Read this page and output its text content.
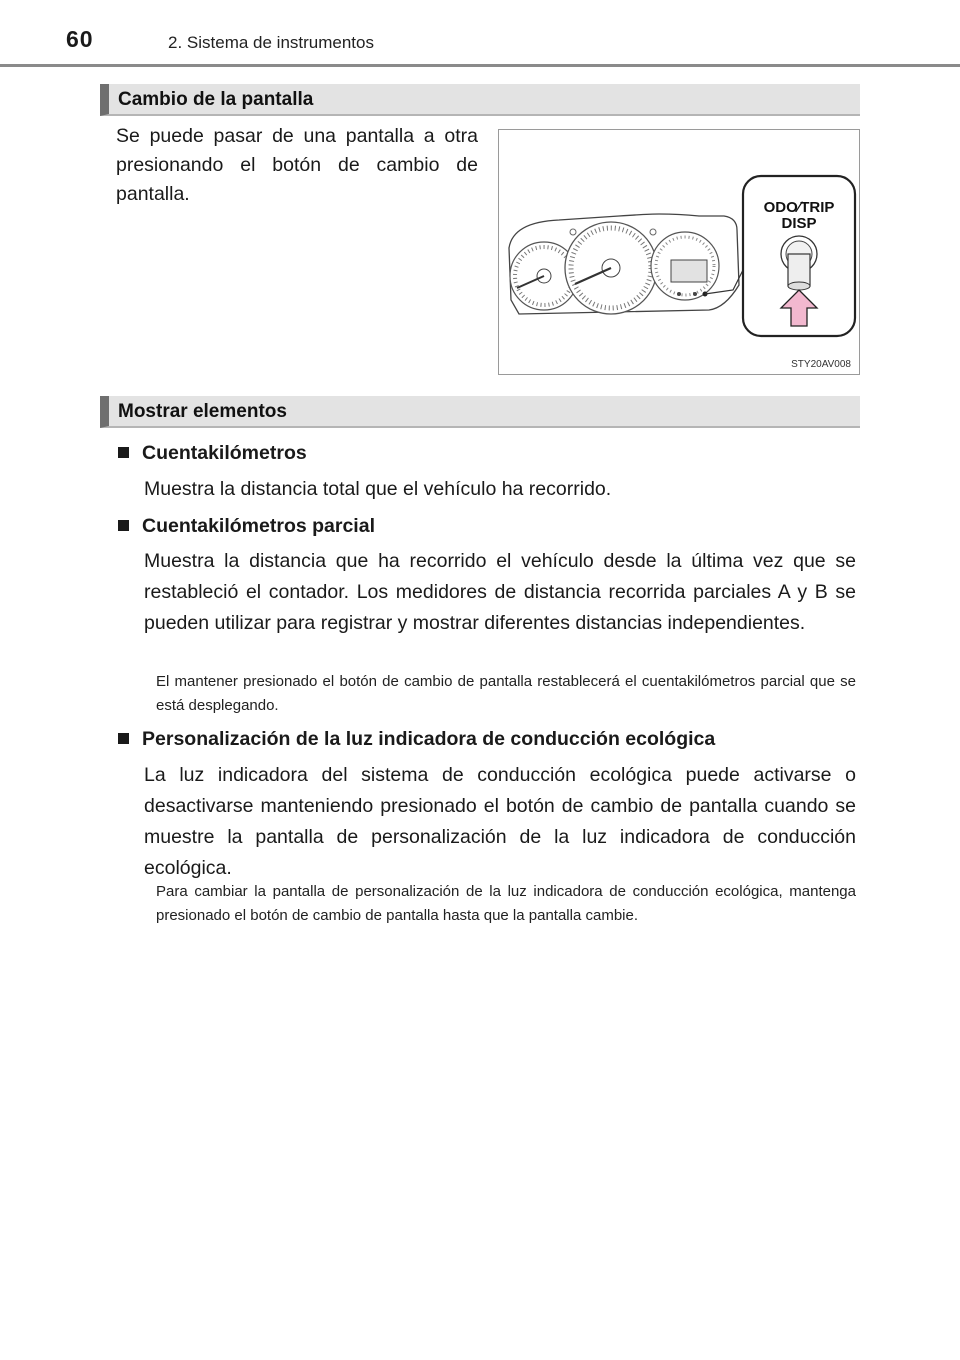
60	2. Sistema de instrumentos
Cambio de la pantalla
Se puede pasar de una pantalla a otra presionando el botón de cambio de pantalla.
ODO∕TRIP
DISP
STY20AV008
Mostrar elementos
Cuentakilómetros
Muestra la distancia total que el vehículo ha recorrido.
Cuentakilómetros parcial
Muestra la distancia que ha recorrido el vehículo desde la última vez que se restableció el contador. Los medidores de distancia recorrida parciales A y B se pueden utilizar para registrar y mostrar diferentes distancias independientes.
El mantener presionado el botón de cambio de pantalla restablecerá el cuentakilómetros parcial que se está desplegando.
Personalización de la luz indicadora de conducción ecológica
La luz indicadora del sistema de conducción ecológica puede activarse o desactivarse manteniendo presionado el botón de cambio de pantalla cuando se muestre la pantalla de personalización de la luz indicadora de conducción ecológica.
Para cambiar la pantalla de personalización de la luz indicadora de conducción ecológica, mantenga presionado el botón de cambio de pantalla hasta que la pantalla cambie.
